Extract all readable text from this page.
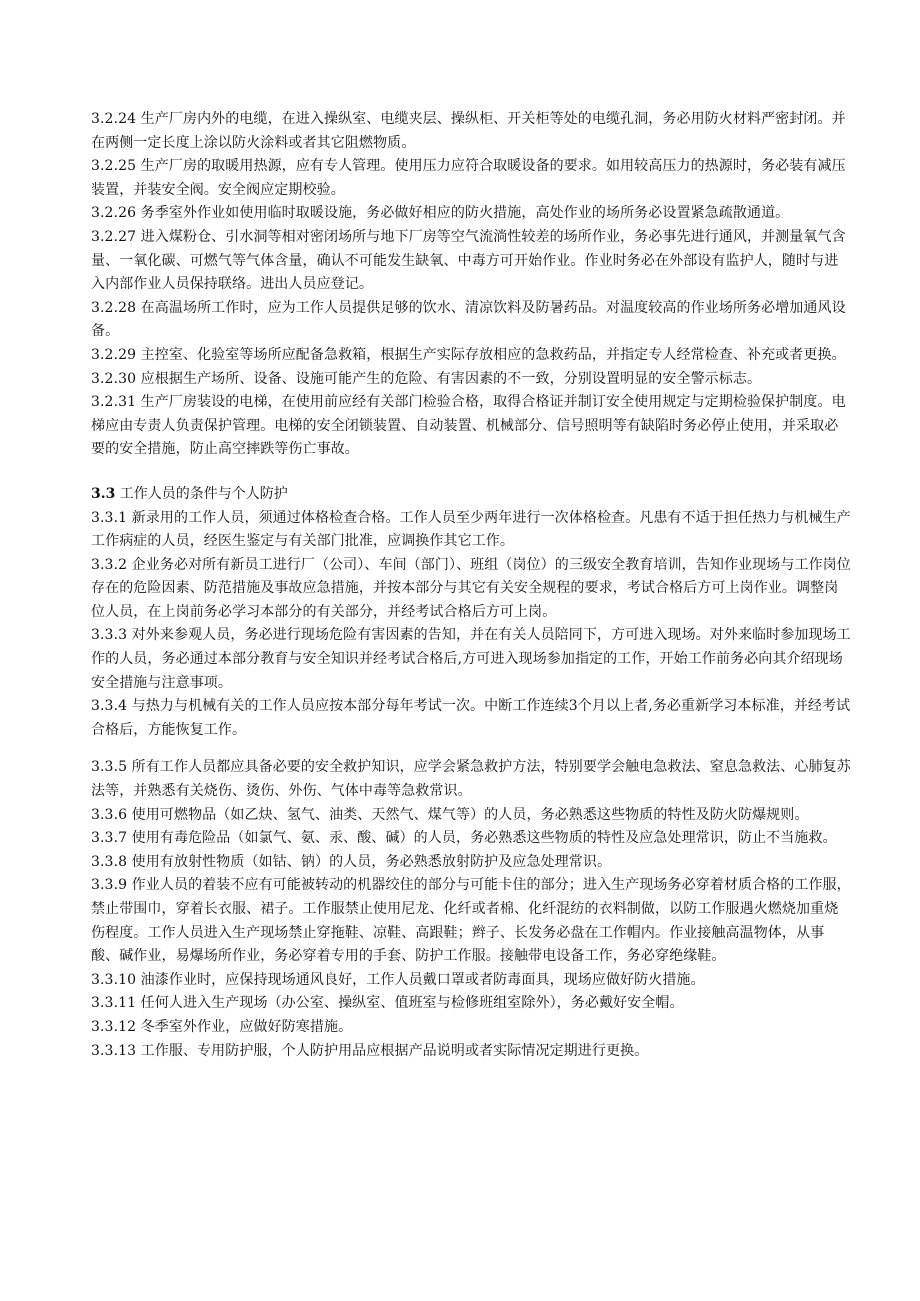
3.2.24 生产厂房内外的电缆，在进入操纵室、电缆夹层、操纵柜、开关柜等处的电缆孔洞，务必用防火材料严密封闭。并在两侧一定长度上涂以防火涂料或者其它阻燃物质。

3.2.25 生产厂房的取暖用热源，应有专人管理。使用压力应符合取暖设备的要求。如用较高压力的热源时，务必装有减压装置，并装安全阀。安全阀应定期校验。

3.2.26 务季室外作业如使用临时取暖设施，务必做好相应的防火措施，高处作业的场所务必设置紧急疏散通道。

3.2.27 进入煤粉仓、引水洞等相对密闭场所与地下厂房等空气流淌性较差的场所作业，务必事先进行通风，并测量氧气含量、一氧化碳、可燃气等气体含量，确认不可能发生缺氧、中毒方可开始作业。作业时务必在外部设有监护人，随时与进入内部作业人员保持联络。进出人员应登记。

3.2.28 在高温场所工作时，应为工作人员提供足够的饮水、清凉饮料及防暑药品。对温度较高的作业场所务必增加通风设备。

3.2.29 主控室、化验室等场所应配备急救箱，根据生产实际存放相应的急救药品，并指定专人经常检查、补充或者更换。

3.2.30 应根据生产场所、设备、设施可能产生的危险、有害因素的不一致，分别设置明显的安全警示标志。

3.2.31 生产厂房装设的电梯，在使用前应经有关部门检验合格，取得合格证并制订安全使用规定与定期检验保护制度。电梯应由专责人负责保护管理。电梯的安全闭锁装置、自动装置、机械部分、信号照明等有缺陷时务必停止使用，并采取必要的安全措施，防止高空摔跌等伤亡事故。

3.3 工作人员的条件与个人防护

3.3.1 新录用的工作人员，须通过体格检查合格。工作人员至少两年进行一次体格检查。凡患有不适于担任热力与机械生产工作病症的人员，经医生鉴定与有关部门批准，应调换作其它工作。

3.3.2 企业务必对所有新员工进行厂（公司）、车间（部门）、班组（岗位）的三级安全教育培训，告知作业现场与工作岗位存在的危险因素、防范措施及事故应急措施，并按本部分与其它有关安全规程的要求，考试合格后方可上岗作业。调整岗位人员，在上岗前务必学习本部分的有关部分，并经考试合格后方可上岗。

3.3.3 对外来参观人员，务必进行现场危险有害因素的告知，并在有关人员陪同下，方可进入现场。对外来临时参加现场工作的人员，务必通过本部分教育与安全知识并经考试合格后,方可进入现场参加指定的工作，开始工作前务必向其介绍现场安全措施与注意事项。

3.3.4 与热力与机械有关的工作人员应按本部分每年考试一次。中断工作连续3个月以上者,务必重新学习本标准，并经考试合格后，方能恢复工作。

3.3.5 所有工作人员都应具备必要的安全救护知识，应学会紧急救护方法，特别要学会触电急救法、窒息急救法、心肺复苏法等，并熟悉有关烧伤、烫伤、外伤、气体中毒等急救常识。

3.3.6 使用可燃物品（如乙炔、氢气、油类、天然气、煤气等）的人员，务必熟悉这些物质的特性及防火防爆规则。

3.3.7 使用有毒危险品（如氯气、氨、汞、酸、碱）的人员，务必熟悉这些物质的特性及应急处理常识，防止不当施救。

3.3.8 使用有放射性物质（如钴、钠）的人员，务必熟悉放射防护及应急处理常识。

3.3.9 作业人员的着装不应有可能被转动的机器绞住的部分与可能卡住的部分；进入生产现场务必穿着材质合格的工作服，禁止带围巾，穿着长衣服、裙子。工作服禁止使用尼龙、化纤或者棉、化纤混纺的衣料制做，以防工作服遇火燃烧加重烧伤程度。工作人员进入生产现场禁止穿拖鞋、凉鞋、高跟鞋；辫子、长发务必盘在工作帽内。作业接触高温物体，从事酸、碱作业，易爆场所作业，务必穿着专用的手套、防护工作服。接触带电设备工作，务必穿绝缘鞋。

3.3.10 油漆作业时，应保持现场通风良好，工作人员戴口罩或者防毒面具，现场应做好防火措施。

3.3.11 任何人进入生产现场（办公室、操纵室、值班室与检修班组室除外），务必戴好安全帽。

3.3.12 冬季室外作业，应做好防寒措施。

3.3.13 工作服、专用防护服，个人防护用品应根据产品说明或者实际情况定期进行更换。
